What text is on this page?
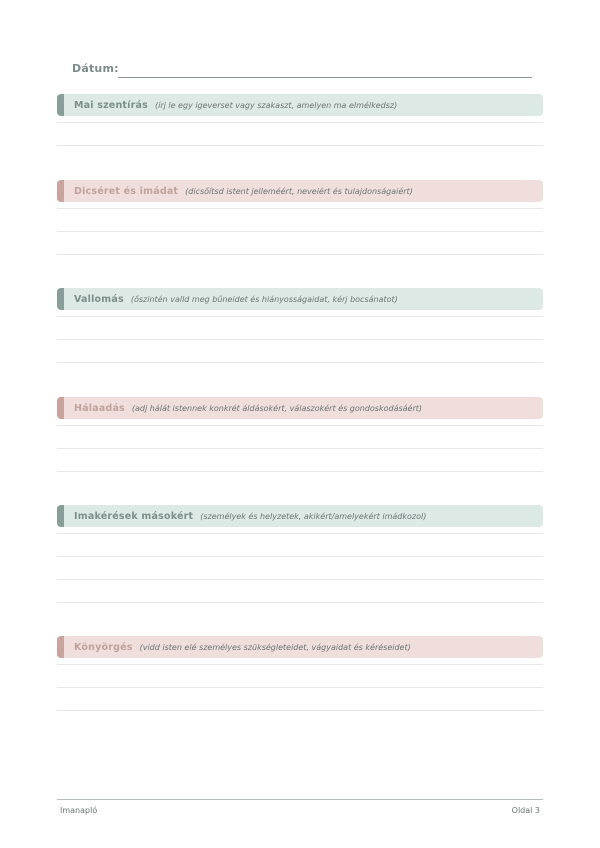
Dátum:
Mai szentírás (írj le egy igeverset vagy szakaszt, amelyen ma elmélkedsz)
Dicséret és imádat (dicsőítsd istent jelleméért, neveiért és tulajdonságaiért)
Vallomás (őszintén valld meg bűneidet és hiányosságaidat, kérj bocsánatot)
Hálaadás (adj hálát istennek konkrét áldásokért, válaszokért és gondoskodásáért)
Imakérések másokért (személyek és helyzetek, akikért/amelyekért imádkozol)
Könyörgés (vidd isten elé személyes szükségleteidet, vágyaidat és kéréseidet)
Imanapló	Oldal 3
